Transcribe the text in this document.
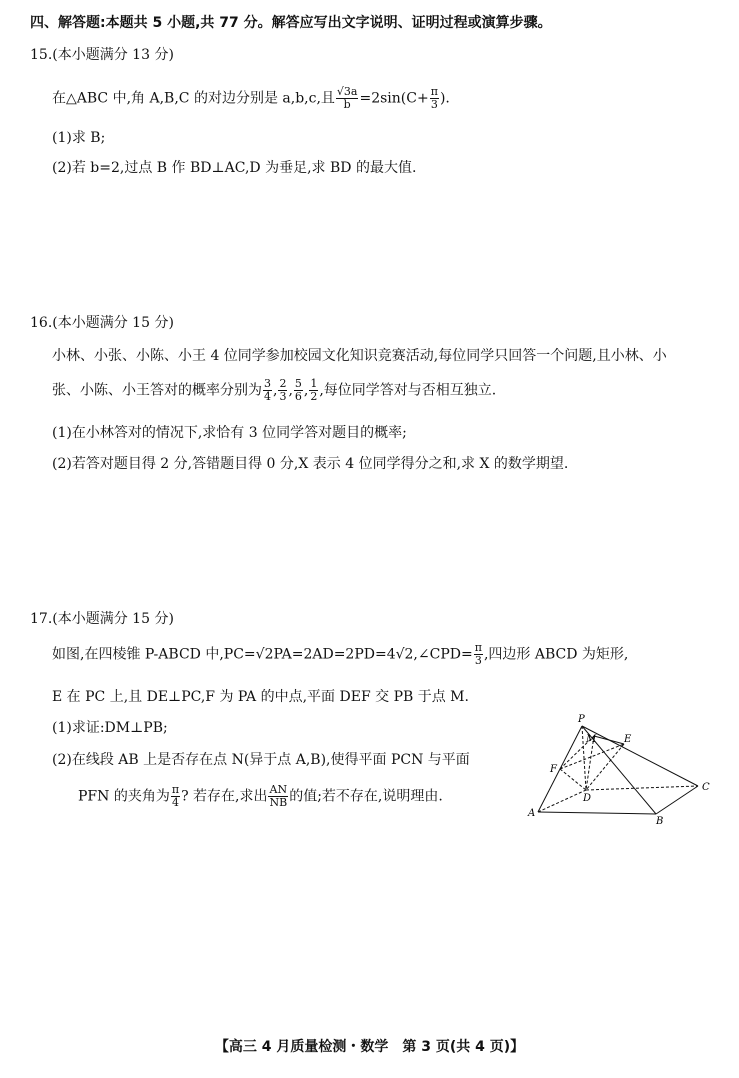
四、解答题:本题共 5 小题,共 77 分。解答应写出文字说明、证明过程或演算步骤。
15.(本小题满分 13 分)
在△ABC 中,角 A,B,C 的对边分别是 a,b,c,且 $\frac{√3a}{b} =2\sin(C+ \frac{\pi}{3}$ ).
(1)求 B;
(2)若 b=2,过点 B 作 BD⊥AC,D 为垂足,求 BD 的最大值.
16.(本小题满分 15 分)
小林、小张、小陈、小王 4 位同学参加校园文化知识竞赛活动,每位同学只回答一个问题,且小林、小
张、小陈、小王答对的概率分别为 $\frac{3}{4}$ , $\frac{2}{3}$ , $\frac{5}{6}$ , $\frac{1}{2}$ ,每位同学答对与否相互独立.
(1)在小林答对的情况下,求恰有 3 位同学答对题目的概率;
(2)若答对题目得 2 分,答错题目得 0 分,X 表示 4 位同学得分之和,求 X 的数学期望.
17.(本小题满分 15 分)
如图,在四棱锥 P-ABCD 中,PC=√2PA=2AD=2PD=4√2,∠CPD= $\frac{\pi}{3}$ ,四边形 ABCD 为矩形,
E 在 PC 上,且 DE⊥PC,F 为 PA 的中点,平面 DEF 交 PB 于点 M.
(1)求证:DM⊥PB;
(2)在线段 AB 上是否存在点 N(异于点 A,B),使得平面 PCN 与平面
PFN 的夹角为 $\frac{\pi}{4}$ ? 若存在,求出 $\frac{AN}{NB}$ 的值;若不存在,说明理由.
P
M	E
F
D
C
A
B
【高三 4 月质量检测・数学　第 3 页(共 4 页)】
